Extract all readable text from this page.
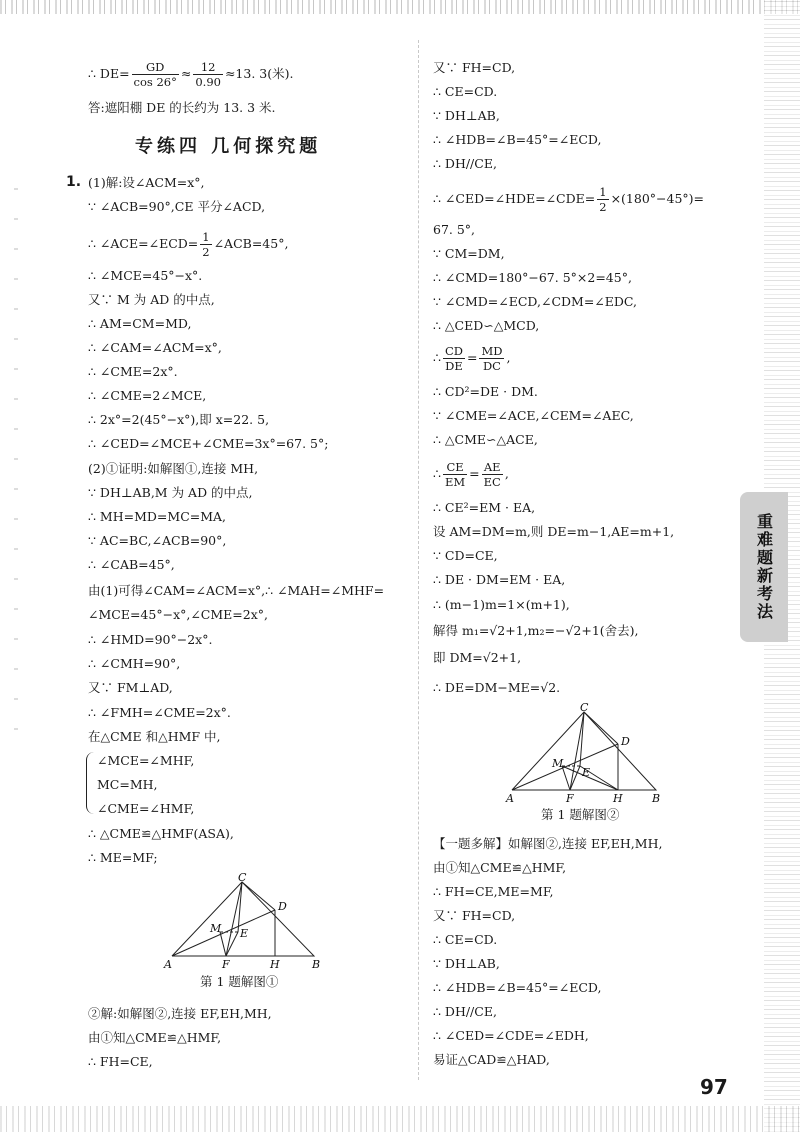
∴ $DE= \frac{GD}{\cos 26^\circ} \approx \frac{12}{0.90} \approx 13$. 3(米).
答:遮阳棚 DE 的长约为 13. 3 米.
专练四 几何探究题
1. (1)解:设∠ACM=x°,
∵ ∠ACB=90°,CE 平分∠ACD,
∴ ∠ACE=∠ECD= $\frac{1}{2}$ ∠ACB=45°,
∴ ∠MCE=45°−x°.
又∵ M 为 AD 的中点,
∴ AM=CM=MD,
∴ ∠CAM=∠ACM=x°,
∴ ∠CME=2x°.
∴ ∠CME=2∠MCE,
∴ 2x°=2(45°−x°),即 x=22. 5,
∴ ∠CED=∠MCE+∠CME=3x°=67. 5°;
(2)①证明:如解图①,连接 MH,
∵ DH⊥AB,M 为 AD 的中点,
∴ MH=MD=MC=MA,
∵ AC=BC,∠ACB=90°,
∴ ∠CAB=45°,
由(1)可得∠CAM=∠ACM=x°,∴ ∠MAH=∠MHF=
∠MCE=45°−x°,∠CME=2x°,
∴ ∠HMD=90°−2x°.
∴ ∠CMH=90°,
又∵ FM⊥AD,
∴ ∠FMH=∠CME=2x°.
在△CME 和△HMF 中,
∠MCE=∠MHF,
MC=MH,
∠CME=∠HMF,
∴ △CME≌△HMF(ASA),
∴ ME=MF;
C
D
M E
A	F	H	B
第 1 题解图①
②解:如解图②,连接 EF,EH,MH,
由①知△CME≌△HMF,
∴ FH=CE,
又∵ FH=CD,
∴ CE=CD.
∵ DH⊥AB,
∴ ∠HDB=∠B=45°=∠ECD,
∴ DH//CE,
∴ ∠CED=∠HDE=∠CDE= $\frac{1}{2} \times(180^\circ-45^\circ)=$
67. 5°,
∵ CM=DM,
∴ ∠CMD=180°−67. 5°×2=45°,
∵ ∠CMD=∠ECD,∠CDM=∠EDC,
∴ △CED∽△MCD,
∴ $\frac{CD}{DE} = \frac{MD}{DC}$ ,
∴ CD²=DE · DM.
∵ ∠CME=∠ACE,∠CEM=∠AEC,
∴ △CME∽△ACE,
∴ $\frac{CE}{EM} = \frac{AE}{EC}$ ,
∴ CE²=EM · EA,
设 AM=DM=m,则 DE=m−1,AE=m+1,
∵ CD=CE,
∴ DE · DM=EM · EA,
∴ (m−1)m=1×(m+1),
解得 m₁=√2+1,m₂=−√2+1(舍去),
即 DM=√2+1,
∴ DE=DM−ME=√2.
C
D
M
E
A	F	H	B
第 1 题解图②
【一题多解】如解图②,连接 EF,EH,MH,
由①知△CME≌△HMF,
∴ FH=CE,ME=MF,
又∵ FH=CD,
∴ CE=CD.
∵ DH⊥AB,
∴ ∠HDB=∠B=45°=∠ECD,
∴ DH//CE,
∴ ∠CED=∠CDE=∠EDH,
易证△CAD≌△HAD,
重难题新考法
97
